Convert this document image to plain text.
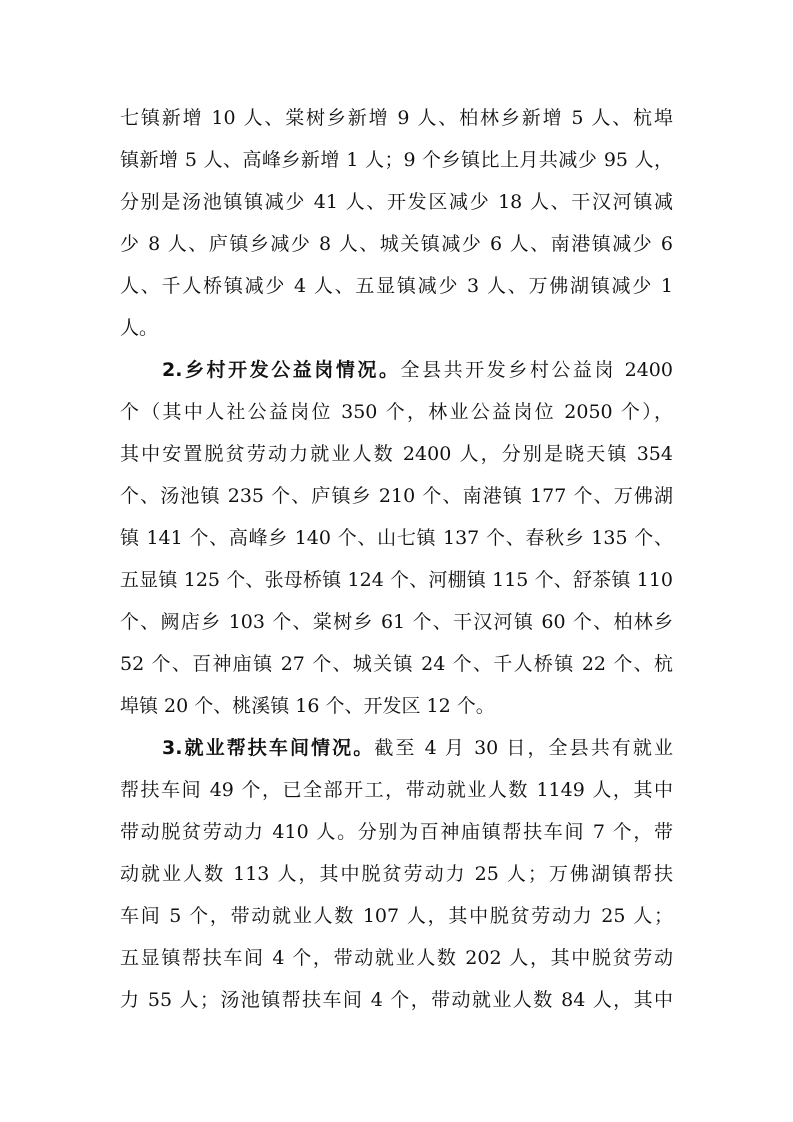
七镇新增 10 人、棠树乡新增 9 人、柏林乡新增 5 人、杭埠
镇新增 5 人、高峰乡新增 1 人；9 个乡镇比上月共减少 95 人，
分别是汤池镇镇减少 41 人、开发区减少 18 人、干汉河镇减
少 8 人、庐镇乡减少 8 人、城关镇减少 6 人、南港镇减少 6
人、千人桥镇减少 4 人、五显镇减少 3 人、万佛湖镇减少 1
人。
2.乡村开发公益岗情况。全县共开发乡村公益岗 2400
个（其中人社公益岗位 350 个，林业公益岗位 2050 个），
其中安置脱贫劳动力就业人数 2400 人，分别是晓天镇 354
个、汤池镇 235 个、庐镇乡 210 个、南港镇 177 个、万佛湖
镇 141 个、高峰乡 140 个、山七镇 137 个、春秋乡 135 个、
五显镇 125 个、张母桥镇 124 个、河棚镇 115 个、舒茶镇 110
个、阙店乡 103 个、棠树乡 61 个、干汉河镇 60 个、柏林乡
52 个、百神庙镇 27 个、城关镇 24 个、千人桥镇 22 个、杭
埠镇 20 个、桃溪镇 16 个、开发区 12 个。
3.就业帮扶车间情况。截至 4 月 30 日，全县共有就业
帮扶车间 49 个，已全部开工，带动就业人数 1149 人，其中
带动脱贫劳动力 410 人。分别为百神庙镇帮扶车间 7 个，带
动就业人数 113 人，其中脱贫劳动力 25 人；万佛湖镇帮扶
车间 5 个，带动就业人数 107 人，其中脱贫劳动力 25 人；
五显镇帮扶车间 4 个，带动就业人数 202 人，其中脱贫劳动
力 55 人；汤池镇帮扶车间 4 个，带动就业人数 84 人，其中
